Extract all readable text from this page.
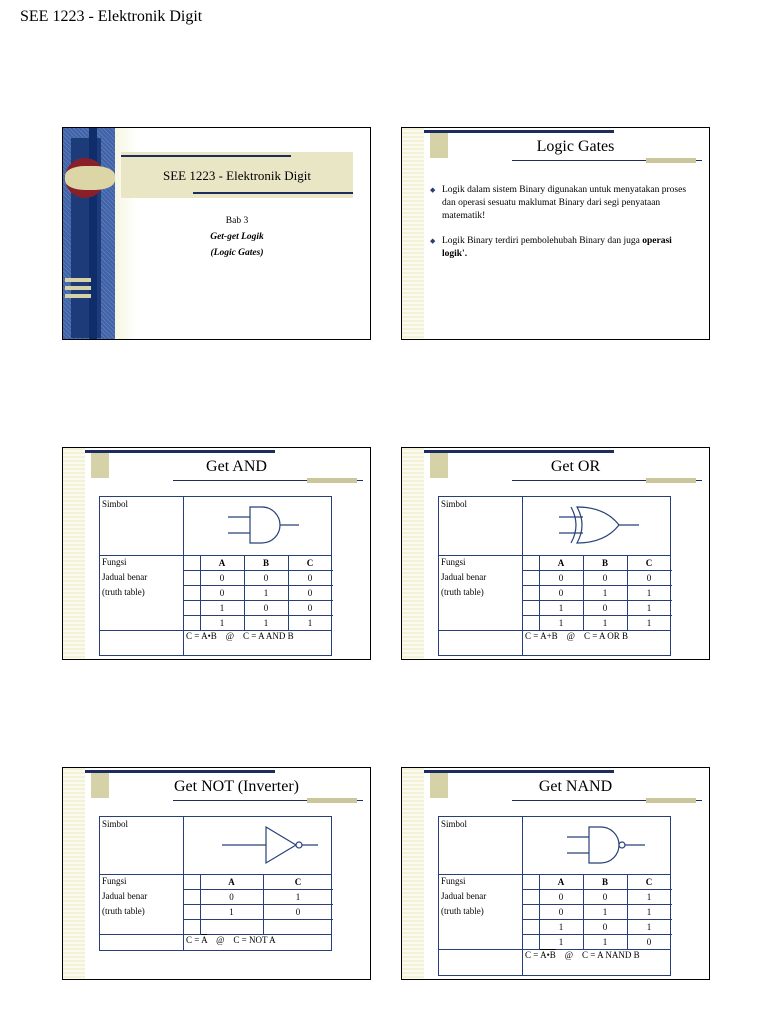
SEE 1223 - Elektronik Digit
SEE 1223 - Elektronik Digit
Bab 3
Get-get Logik
(Logic Gates)
Logic Gates
◆ Logik dalam sistem Binary digunakan untuk menyatakan proses dan operasi sesuatu maklumat Binary dari segi penyataan matematik!
◆ Logik Binary terdiri pembolehubah Binary dan juga operasi logik'.
Get AND
Simbol
Fungsi
Jadual benar
(truth table)
A	B	C
0	0	0
0	1	0
1	0	0
1	1	1
C = A•B    @    C = A AND B
Get OR
Simbol
Fungsi
Jadual benar
(truth table)
A	B	C
0	0	0
0	1	1
1	0	1
1	1	1
C = A+B    @    C = A OR B
Get NOT (Inverter)
Simbol
Fungsi
Jadual benar
(truth table)
A	C
0	1
1	0
$C = \overline{A}$    @    C = NOT A
Get NAND
Simbol
Fungsi
Jadual benar
(truth table)
A	B	C
0	0	1
0	1	1
1	0	1
1	1	0
C = A•B    @    C = A NAND B
